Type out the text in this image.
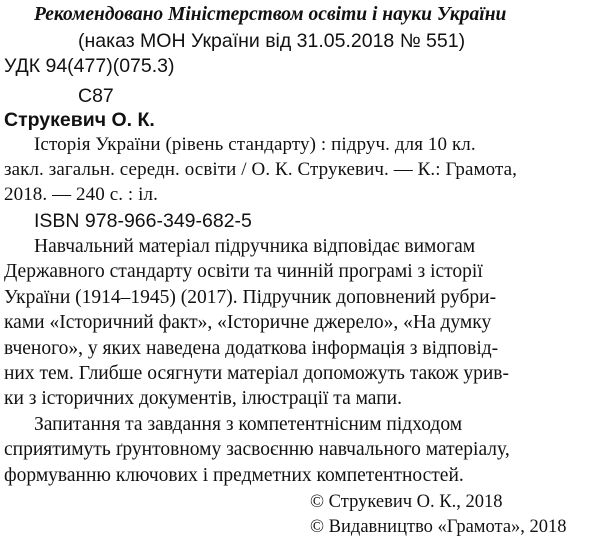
Рекомендовано Міністерством освіти і науки України

(наказ МОН України від 31.05.2018 № 551)

УДК 94(477)(075.3)

С87

Струкевич О. К.

Історія України (рівень стандарту) : підруч. для 10 кл.

закл. загальн. середн. освіти / О. К. Струкевич. — К.: Грамота,

2018. — 240 с. : іл.

ISBN 978-966-349-682-5

Навчальний матеріал підручника відповідає вимогам

Державного стандарту освіти та чинній програмі з історії

України (1914–1945) (2017). Підручник доповнений рубри-

ками «Історичний факт», «Історичне джерело», «На думку

вченого», у яких наведена додаткова інформація з відповід-

них тем. Глибше осягнути матеріал допоможуть також урив-

ки з історичних документів, ілюстрації та мапи.

Запитання та завдання з компетентнісним підходом

сприятимуть ґрунтовному засвоєнню навчального матеріалу,

формуванню ключових і предметних компетентностей.

© Струкевич О. К., 2018

© Видавництво «Грамота», 2018
